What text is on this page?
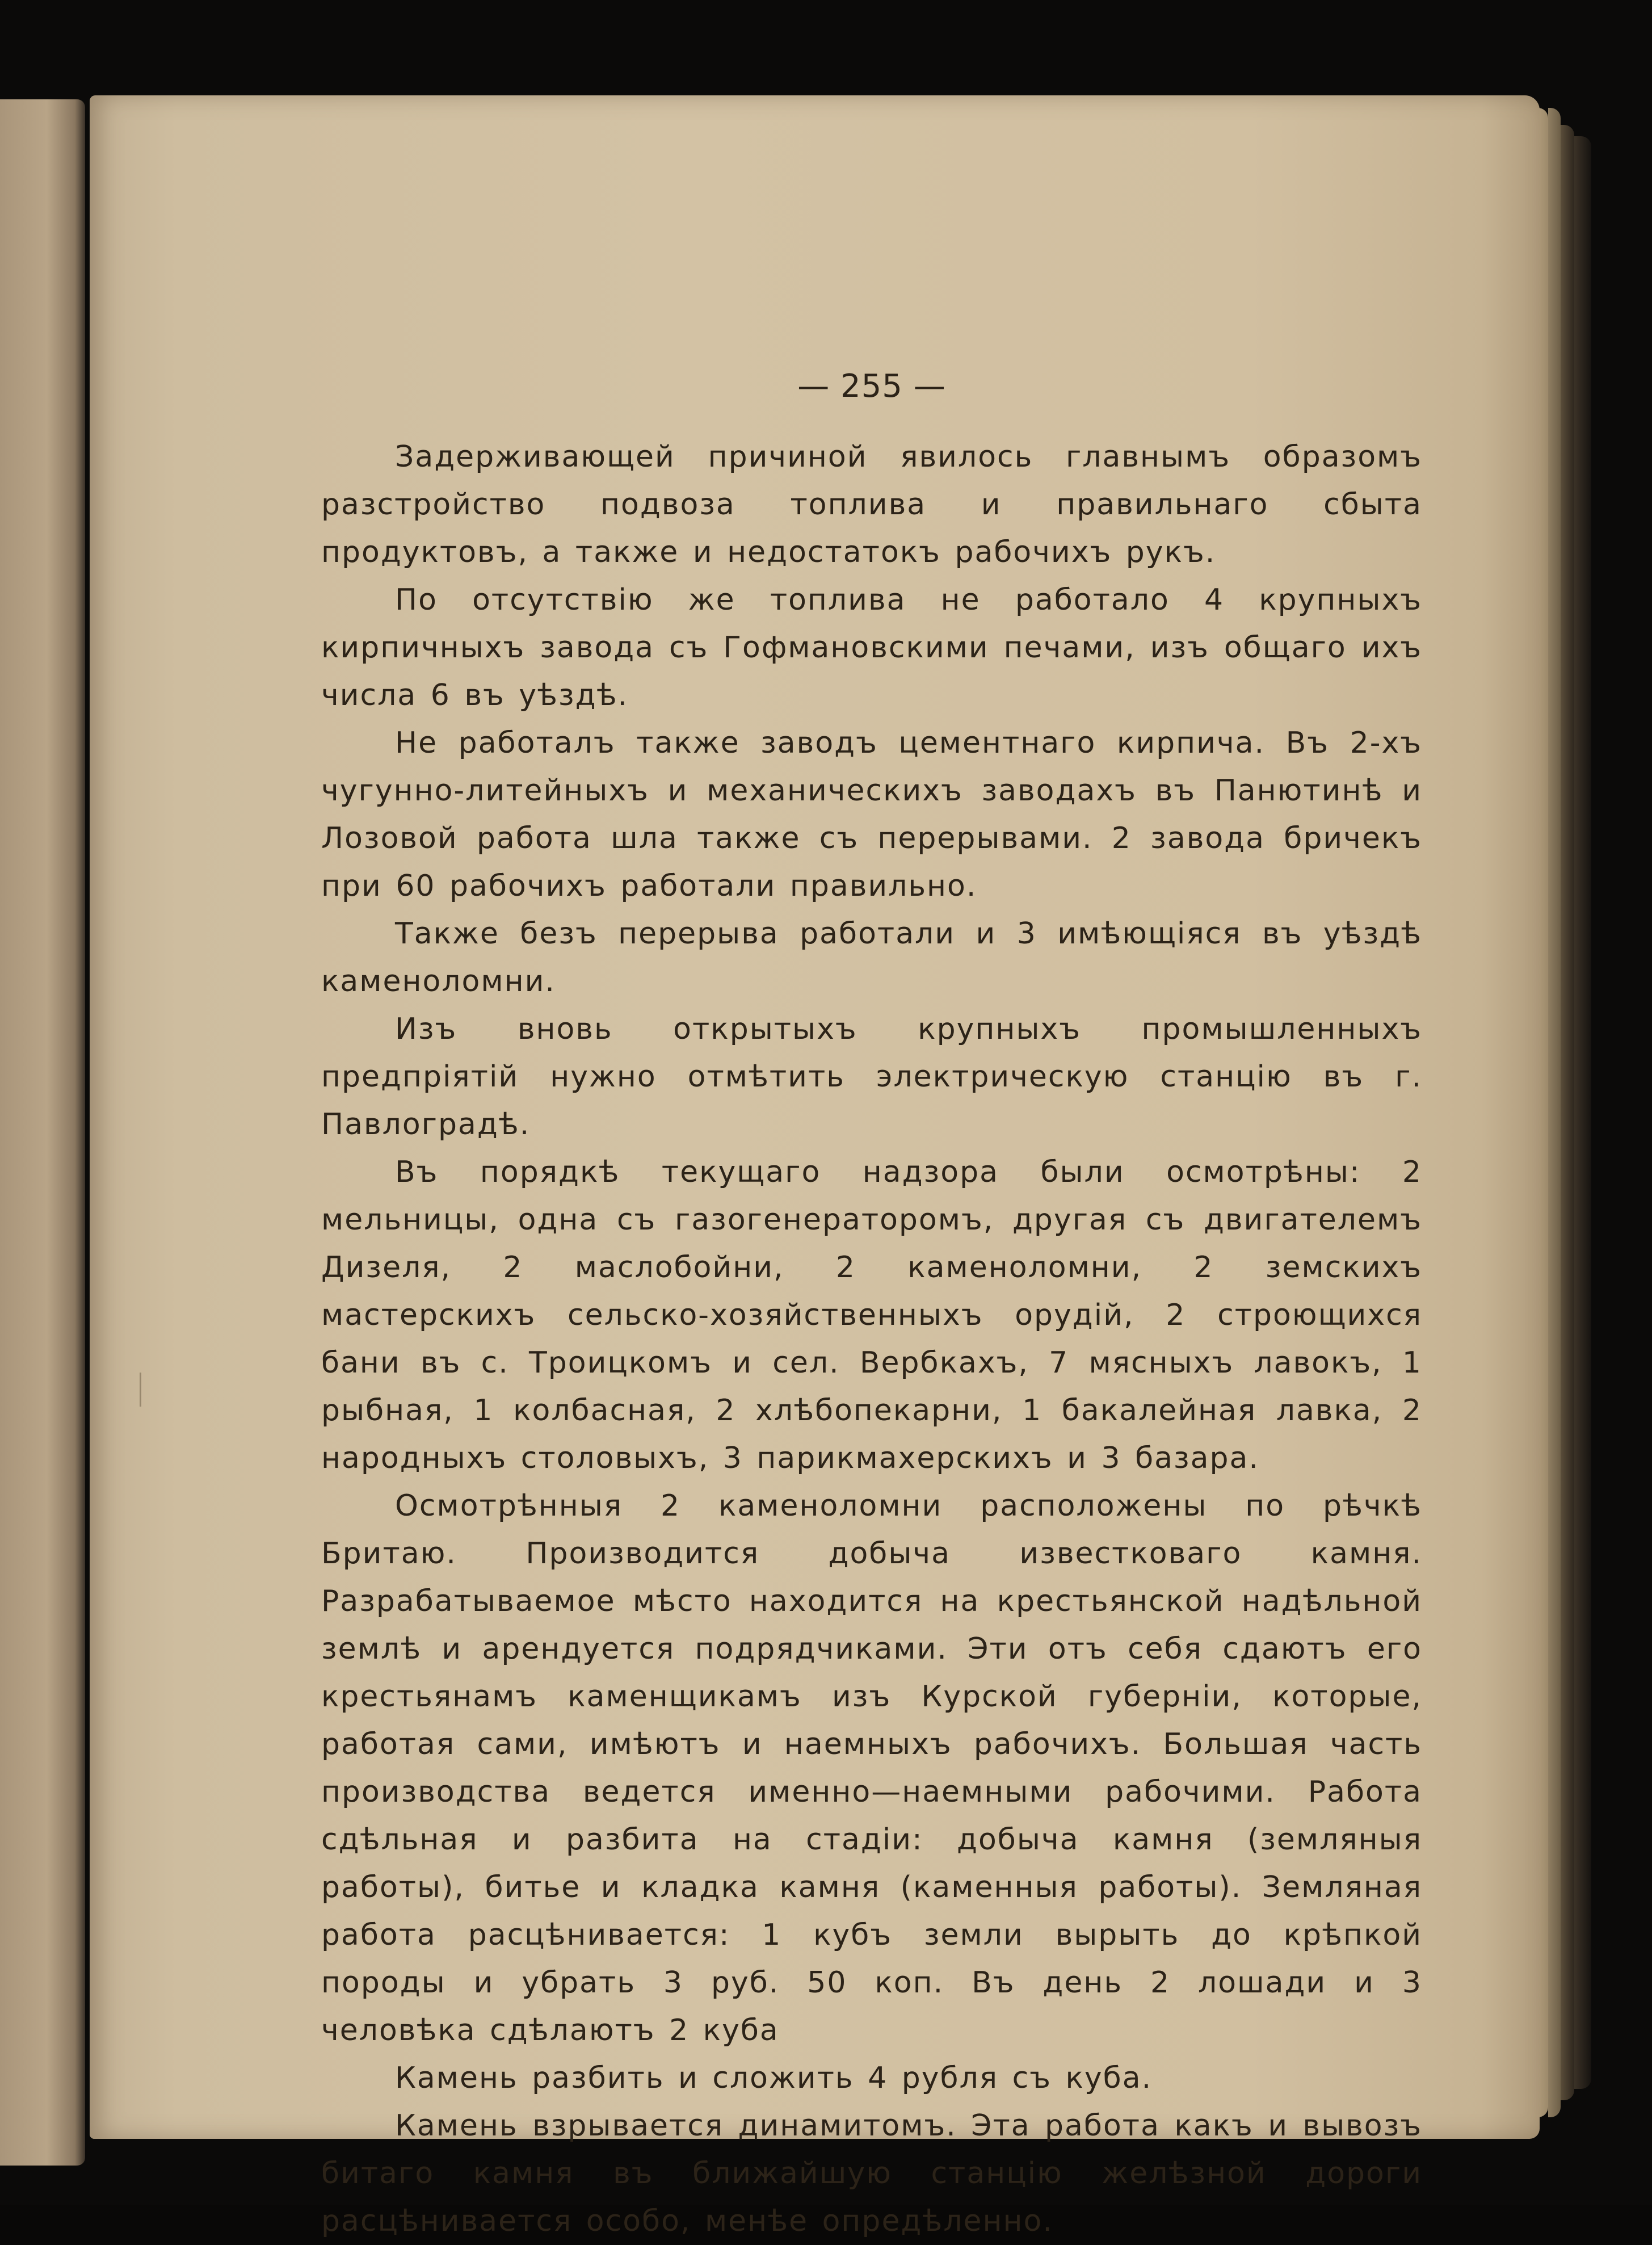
— 255 —

Задерживающей причиной явилось главнымъ образомъ разстройство подвоза топлива и правильнаго сбыта продуктовъ, а также и недостатокъ рабочихъ рукъ.

По отсутствію же топлива не работало 4 крупныхъ кирпичныхъ завода съ Гофмановскими печами, изъ общаго ихъ числа 6 въ уѣздѣ.

Не работалъ также заводъ цементнаго кирпича. Въ 2-хъ чугунно-литейныхъ и механическихъ заводахъ въ Панютинѣ и Лозовой работа шла также съ перерывами. 2 завода бричекъ при 60 рабочихъ работали правильно.

Также безъ перерыва работали и 3 имѣющіяся въ уѣздѣ каменоломни.

Изъ вновь открытыхъ крупныхъ промышленныхъ предпріятій нужно отмѣтить электрическую станцію въ г. Павлоградѣ.

Въ порядкѣ текущаго надзора были осмотрѣны: 2 мельницы, одна съ газогенераторомъ, другая съ двигателемъ Дизеля, 2 маслобойни, 2 каменоломни, 2 земскихъ мастерскихъ сельско-хозяйственныхъ орудій, 2 строющихся бани въ с. Троицкомъ и сел. Вербкахъ, 7 мясныхъ лавокъ, 1 рыбная, 1 колбасная, 2 хлѣбопекарни, 1 бакалейная лавка, 2 народныхъ столовыхъ, 3 парикмахерскихъ и 3 базара.

Осмотрѣнныя 2 каменоломни расположены по рѣчкѣ Бритаю. Производится добыча известковаго камня. Разрабатываемое мѣсто находится на крестьянской надѣльной землѣ и арендуется подрядчиками. Эти отъ себя сдаютъ его крестьянамъ каменщикамъ изъ Курской губерніи, которые, работая сами, имѣютъ и наемныхъ рабочихъ. Большая часть производства ведется именно—наемными рабочими. Работа сдѣльная и разбита на стадіи: добыча камня (земляныя работы), битье и кладка камня (каменныя работы). Земляная работа расцѣнивается: 1 кубъ земли вырыть до крѣпкой породы и убрать 3 руб. 50 коп. Въ день 2 лошади и 3 человѣка сдѣлаютъ 2 куба

Камень разбить и сложить 4 рубля съ куба.

Камень взрывается динамитомъ. Эта работа какъ и вывозъ битаго камня въ ближайшую станцію желѣзной дороги расцѣнивается особо, менѣе опредѣленно.
